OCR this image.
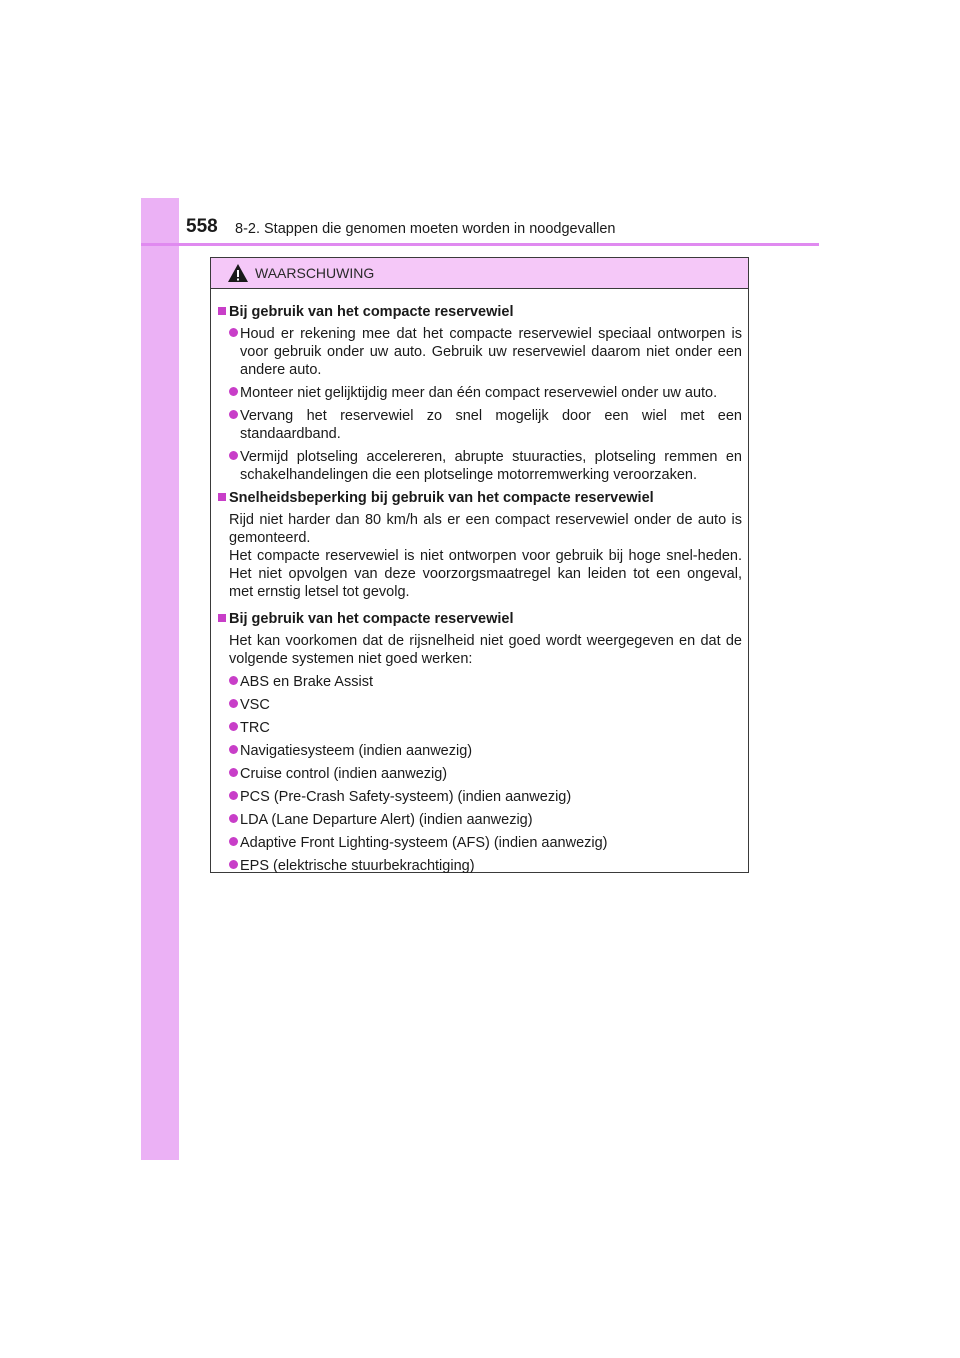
558 8-2. Stappen die genomen moeten worden in noodgevallen
WAARSCHUWING
Bij gebruik van het compacte reservewiel
Houd er rekening mee dat het compacte reservewiel speciaal ontworpen is voor gebruik onder uw auto. Gebruik uw reservewiel daarom niet onder een andere auto.
Monteer niet gelijktijdig meer dan één compact reservewiel onder uw auto.
Vervang het reservewiel zo snel mogelijk door een wiel met een standaardband.
Vermijd plotseling accelereren, abrupte stuuracties, plotseling remmen en schakelhandelingen die een plotselinge motorremwerking veroorzaken.
Snelheidsbeperking bij gebruik van het compacte reservewiel
Rijd niet harder dan 80 km/h als er een compact reservewiel onder de auto is gemonteerd.
Het compacte reservewiel is niet ontworpen voor gebruik bij hoge snel-heden. Het niet opvolgen van deze voorzorgsmaatregel kan leiden tot een ongeval, met ernstig letsel tot gevolg.
Bij gebruik van het compacte reservewiel
Het kan voorkomen dat de rijsnelheid niet goed wordt weergegeven en dat de volgende systemen niet goed werken:
ABS en Brake Assist
VSC
TRC
Navigatiesysteem (indien aanwezig)
Cruise control (indien aanwezig)
PCS (Pre-Crash Safety-systeem) (indien aanwezig)
LDA (Lane Departure Alert) (indien aanwezig)
Adaptive Front Lighting-systeem (AFS) (indien aanwezig)
EPS (elektrische stuurbekrachtiging)
